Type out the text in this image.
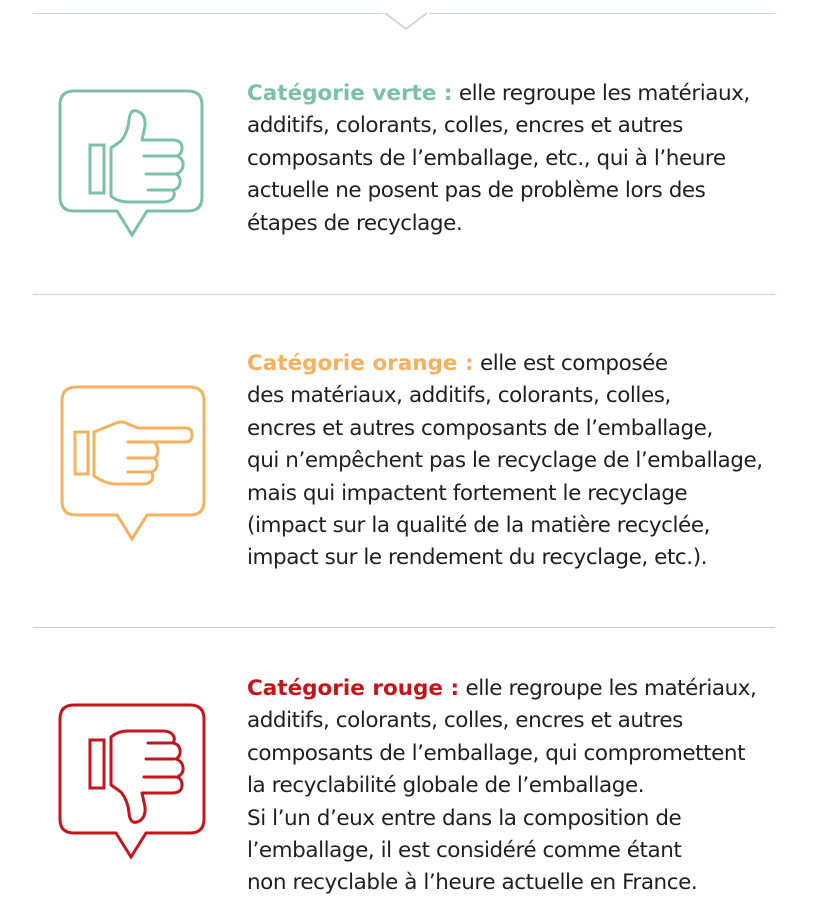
Catégorie verte : elle regroupe les matériaux,
additifs, colorants, colles, encres et autres
composants de l’emballage, etc., qui à l’heure
actuelle ne posent pas de problème lors des
étapes de recyclage.
Catégorie orange : elle est composée
des matériaux, additifs, colorants, colles,
encres et autres composants de l’emballage,
qui n’empêchent pas le recyclage de l’emballage,
mais qui impactent fortement le recyclage
(impact sur la qualité de la matière recyclée,
impact sur le rendement du recyclage, etc.).
Catégorie rouge : elle regroupe les matériaux,
additifs, colorants, colles, encres et autres
composants de l’emballage, qui compromettent
la recyclabilité globale de l’emballage.
Si l’un d’eux entre dans la composition de
l’emballage, il est considéré comme étant
non recyclable à l’heure actuelle en France.
